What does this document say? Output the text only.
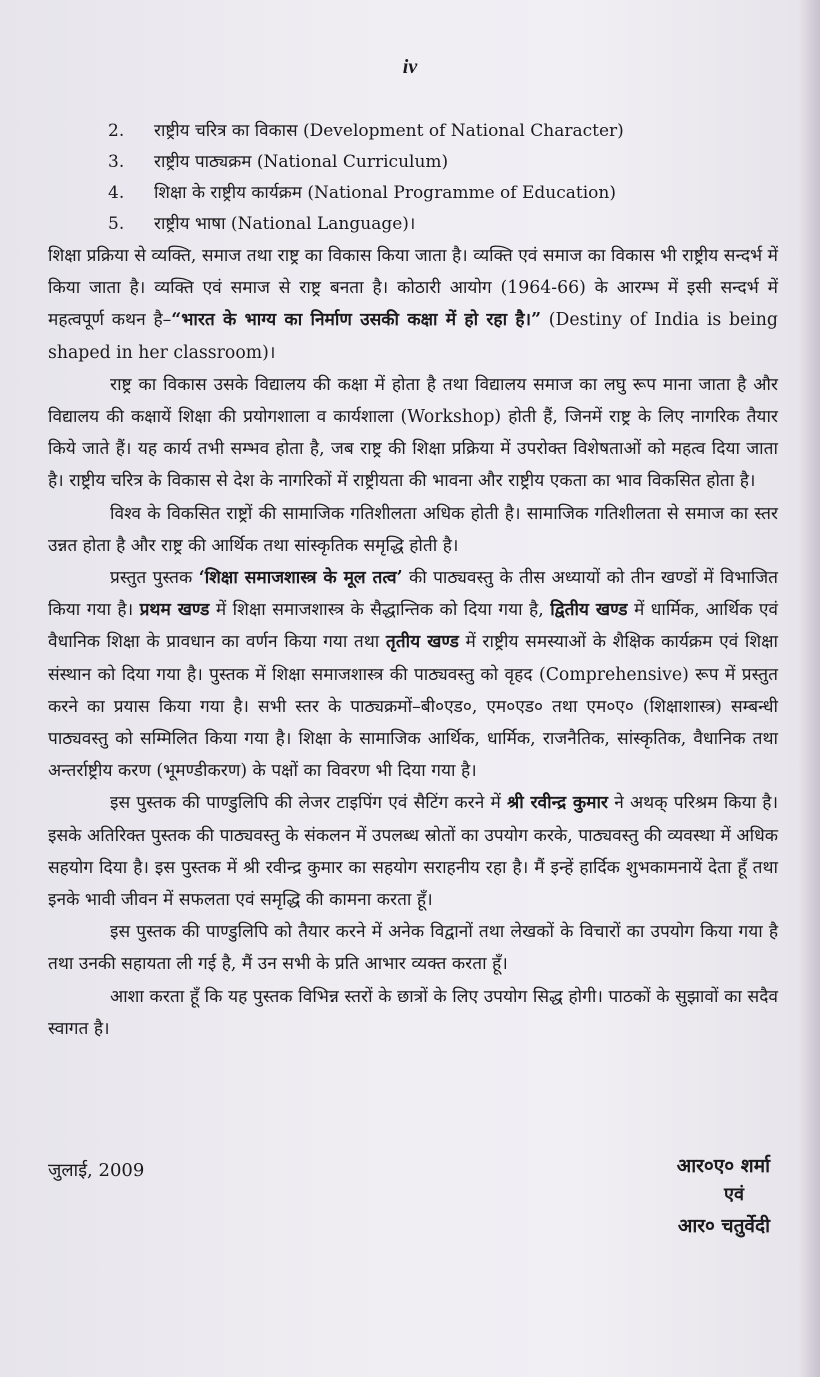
iv
2. राष्ट्रीय चरित्र का विकास (Development of National Character)
3. राष्ट्रीय पाठ्यक्रम (National Curriculum)
4. शिक्षा के राष्ट्रीय कार्यक्रम (National Programme of Education)
5. राष्ट्रीय भाषा (National Language)।

शिक्षा प्रक्रिया से व्यक्ति, समाज तथा राष्ट्र का विकास किया जाता है। व्यक्ति एवं समाज का विकास भी राष्ट्रीय सन्दर्भ में किया जाता है। व्यक्ति एवं समाज से राष्ट्र बनता है। कोठारी आयोग (1964-66) के आरम्भ में इसी सन्दर्भ में महत्वपूर्ण कथन है–“भारत के भाग्य का निर्माण उसकी कक्षा में हो रहा है।” (Destiny of India is being shaped in her classroom)।

राष्ट्र का विकास उसके विद्यालय की कक्षा में होता है तथा विद्यालय समाज का लघु रूप माना जाता है और विद्यालय की कक्षायें शिक्षा की प्रयोगशाला व कार्यशाला (Workshop) होती हैं, जिनमें राष्ट्र के लिए नागरिक तैयार किये जाते हैं। यह कार्य तभी सम्भव होता है, जब राष्ट्र की शिक्षा प्रक्रिया में उपरोक्त विशेषताओं को महत्व दिया जाता है। राष्ट्रीय चरित्र के विकास से देश के नागरिकों में राष्ट्रीयता की भावना और राष्ट्रीय एकता का भाव विकसित होता है।

विश्व के विकसित राष्ट्रों की सामाजिक गतिशीलता अधिक होती है। सामाजिक गतिशीलता से समाज का स्तर उन्नत होता है और राष्ट्र की आर्थिक तथा सांस्कृतिक समृद्धि होती है।

प्रस्तुत पुस्तक ‘शिक्षा समाजशास्त्र के मूल तत्व’ की पाठ्यवस्तु के तीस अध्यायों को तीन खण्डों में विभाजित किया गया है। प्रथम खण्ड में शिक्षा समाजशास्त्र के सैद्धान्तिक को दिया गया है, द्वितीय खण्ड में धार्मिक, आर्थिक एवं वैधानिक शिक्षा के प्रावधान का वर्णन किया गया तथा तृतीय खण्ड में राष्ट्रीय समस्याओं के शैक्षिक कार्यक्रम एवं शिक्षा संस्थान को दिया गया है। पुस्तक में शिक्षा समाजशास्त्र की पाठ्यवस्तु को वृहद (Comprehensive) रूप में प्रस्तुत करने का प्रयास किया गया है। सभी स्तर के पाठ्यक्रमों–बी०एड०, एम०एड० तथा एम०ए० (शिक्षाशास्त्र) सम्बन्धी पाठ्यवस्तु को सम्मिलित किया गया है। शिक्षा के सामाजिक आर्थिक, धार्मिक, राजनैतिक, सांस्कृतिक, वैधानिक तथा अन्तर्राष्ट्रीय करण (भूमण्डीकरण) के पक्षों का विवरण भी दिया गया है।

इस पुस्तक की पाण्डुलिपि की लेजर टाइपिंग एवं सैटिंग करने में श्री रवीन्द्र कुमार ने अथक् परिश्रम किया है। इसके अतिरिक्त पुस्तक की पाठ्यवस्तु के संकलन में उपलब्ध स्रोतों का उपयोग करके, पाठ्यवस्तु की व्यवस्था में अधिक सहयोग दिया है। इस पुस्तक में श्री रवीन्द्र कुमार का सहयोग सराहनीय रहा है। मैं इन्हें हार्दिक शुभकामनायें देता हूँ तथा इनके भावी जीवन में सफलता एवं समृद्धि की कामना करता हूँ।

इस पुस्तक की पाण्डुलिपि को तैयार करने में अनेक विद्वानों तथा लेखकों के विचारों का उपयोग किया गया है तथा उनकी सहायता ली गई है, मैं उन सभी के प्रति आभार व्यक्त करता हूँ।

आशा करता हूँ कि यह पुस्तक विभिन्न स्तरों के छात्रों के लिए उपयोग सिद्ध होगी। पाठकों के सुझावों का सदैव स्वागत है।

जुलाई, 2009	आर०ए० शर्मा
एवं
आर० चतुर्वेदी
